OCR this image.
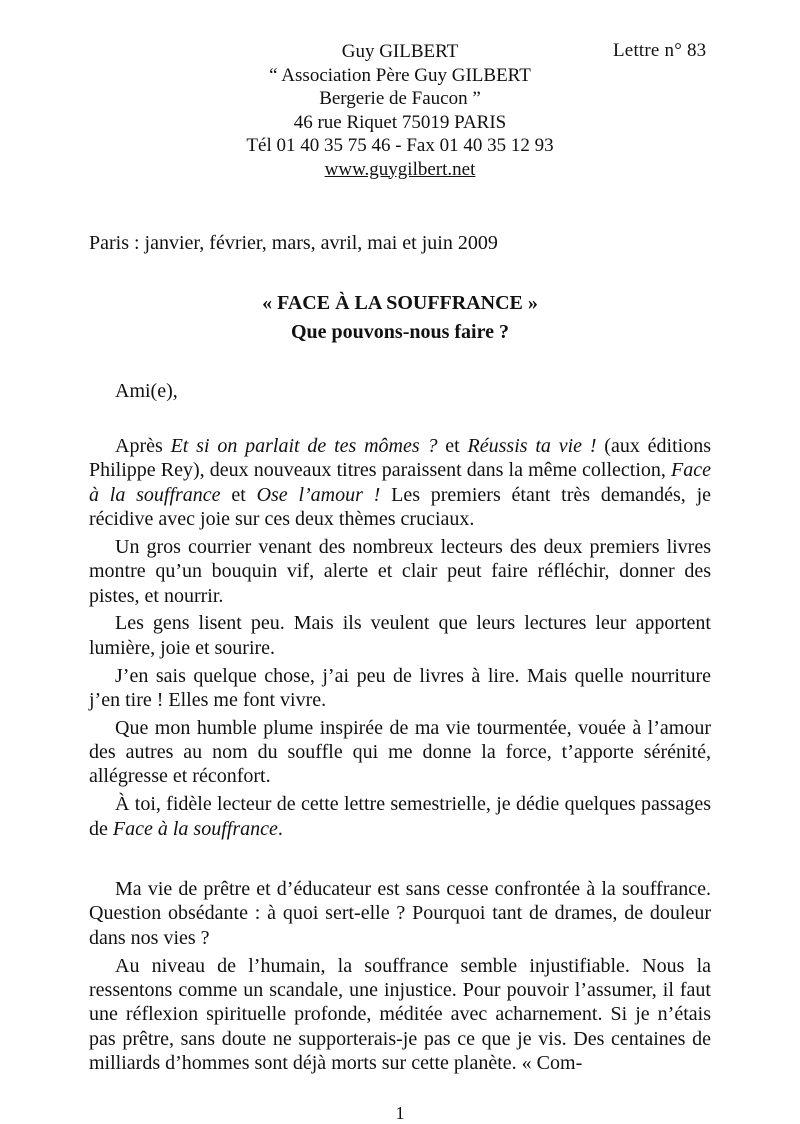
Lettre n° 83
Guy GILBERT
“ Association Père Guy GILBERT
Bergerie de Faucon ”
46 rue Riquet 75019 PARIS
Tél 01 40 35 75 46 - Fax 01 40 35 12 93
www.guygilbert.net
Paris : janvier, février, mars, avril, mai et juin 2009
« FACE À LA SOUFFRANCE »
Que pouvons-nous faire ?
Ami(e),

Après Et si on parlait de tes mômes ? et Réussis ta vie ! (aux éditions Philippe Rey), deux nouveaux titres paraissent dans la même collection, Face à la souffrance et Ose l’amour ! Les premiers étant très demandés, je récidive avec joie sur ces deux thèmes cruciaux.

Un gros courrier venant des nombreux lecteurs des deux premiers livres montre qu’un bouquin vif, alerte et clair peut faire réfléchir, donner des pistes, et nourrir.

Les gens lisent peu. Mais ils veulent que leurs lectures leur apportent lumière, joie et sourire.

J’en sais quelque chose, j’ai peu de livres à lire. Mais quelle nourriture j’en tire ! Elles me font vivre.

Que mon humble plume inspirée de ma vie tourmentée, vouée à l’amour des autres au nom du souffle qui me donne la force, t’apporte sérénité, allégresse et réconfort.

À toi, fidèle lecteur de cette lettre semestrielle, je dédie quelques passages de Face à la souffrance.

Ma vie de prêtre et d’éducateur est sans cesse confrontée à la souffrance. Question obsédante : à quoi sert-elle ? Pourquoi tant de drames, de douleur dans nos vies ?

Au niveau de l’humain, la souffrance semble injustifiable. Nous la ressentons comme un scandale, une injustice. Pour pouvoir l’assumer, il faut une réflexion spirituelle profonde, méditée avec acharnement. Si je n’étais pas prêtre, sans doute ne supporterais-je pas ce que je vis. Des centaines de milliards d’hommes sont déjà morts sur cette planète. « Com-

1
